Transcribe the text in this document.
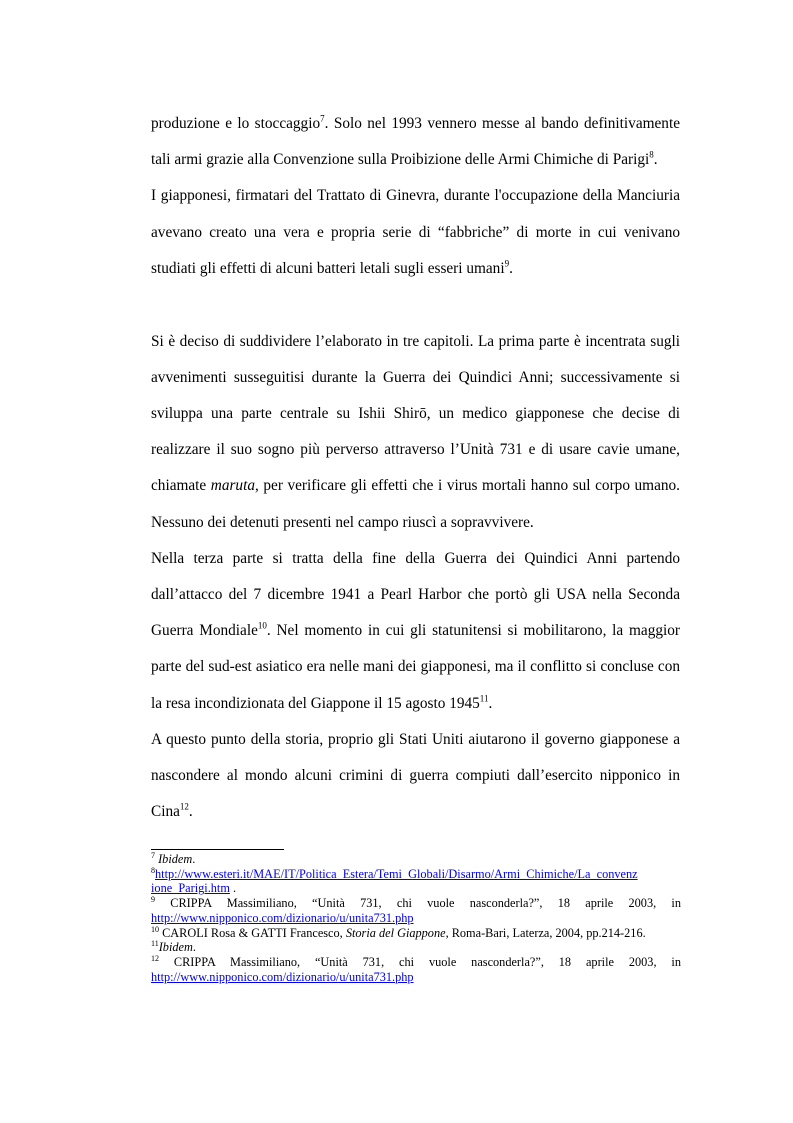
produzione e lo stoccaggio$^7$. Solo nel 1993 vennero messe al bando definitivamente

tali armi grazie alla Convenzione sulla Proibizione delle Armi Chimiche di Parigi$^8$.

I giapponesi, firmatari del Trattato di Ginevra, durante l'occupazione della Manciuria avevano creato una vera e propria serie di “fabbriche” di morte in cui venivano studiati gli effetti di alcuni batteri letali sugli esseri umani$^9$.

Si è deciso di suddividere l’elaborato in tre capitoli. La prima parte è incentrata sugli avvenimenti susseguitisi durante la Guerra dei Quindici Anni; successivamente si sviluppa una parte centrale su Ishii Shirō, un medico giapponese che decise di realizzare il suo sogno più perverso attraverso l’Unità 731 e di usare cavie umane, chiamate maruta, per verificare gli effetti che i virus mortali hanno sul corpo umano. Nessuno dei detenuti presenti nel campo riuscì a sopravvivere.

Nella terza parte si tratta della fine della Guerra dei Quindici Anni partendo dall’attacco del 7 dicembre 1941 a Pearl Harbor che portò gli USA nella Seconda Guerra Mondiale$^{10}$. Nel momento in cui gli statunitensi si mobilitarono, la maggior parte del sud-est asiatico era nelle mani dei giapponesi, ma il conflitto si concluse con la resa incondizionata del Giappone il 15 agosto 1945$^{11}$.

A questo punto della storia, proprio gli Stati Uniti aiutarono il governo giapponese a nascondere al mondo alcuni crimini di guerra compiuti dall’esercito nipponico in Cina$^{12}$.

$^7$ Ibidem.

$^8$http://www.esteri.it/MAE/IT/Politica_Estera/Temi_Globali/Disarmo/Armi_Chimiche/La_convenz

ione_Parigi.htm .

$^9$ CRIPPA Massimiliano, “Unità 731, chi vuole nasconderla?”, 18 aprile 2003, in

http://www.nipponico.com/dizionario/u/unita731.php

$^{10}$ CAROLI Rosa & GATTI Francesco, Storia del Giappone, Roma-Bari, Laterza, 2004, pp.214-216.

$^{11}$Ibidem.

$^{12}$ CRIPPA Massimiliano, “Unità 731, chi vuole nasconderla?”, 18 aprile 2003, in

http://www.nipponico.com/dizionario/u/unita731.php
